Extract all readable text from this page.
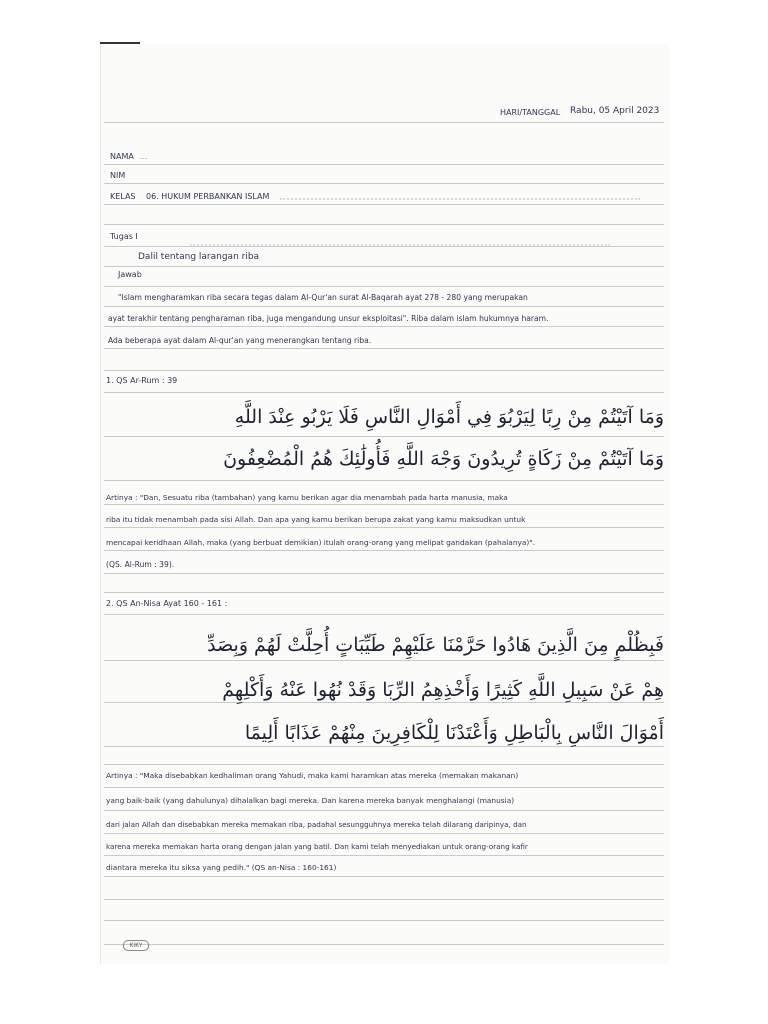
HARI/TANGGAL Rabu, 05 April 2023
NAMA ...
NIM
KELAS 06. HUKUM PERBANKAN ISLAM
Tugas I
Dalil tentang larangan riba
Jawab
"Islam mengharamkan riba secara tegas dalam Al-Qur'an surat Al-Baqarah ayat 278 - 280 yang merupakan
ayat terakhir tentang pengharaman riba, juga mengandung unsur eksploitasi". Riba dalam islam hukumnya haram.
Ada beberapa ayat dalam Al-qur'an yang menerangkan tentang riba.
1. QS Ar-Rum : 39
وَمَا آتَيْتُمْ مِنْ رِبًا لِيَرْبُوَ فِي أَمْوَالِ النَّاسِ فَلَا يَرْبُو عِنْدَ اللَّهِ
وَمَا آتَيْتُمْ مِنْ زَكَاةٍ تُرِيدُونَ وَجْهَ اللَّهِ فَأُولَٰئِكَ هُمُ الْمُضْعِفُونَ
Artinya : "Dan, Sesuatu riba (tambahan) yang kamu berikan agar dia menambah pada harta manusia, maka
riba itu tidak menambah pada sisi Allah. Dan apa yang kamu berikan berupa zakat yang kamu maksudkan untuk
mencapai keridhaan Allah, maka (yang berbuat demikian) itulah orang-orang yang melipat gandakan (pahalanya)".
(QS. Al-Rum : 39).
2. QS An-Nisa Ayat 160 - 161 :
فَبِظُلْمٍ مِنَ الَّذِينَ هَادُوا حَرَّمْنَا عَلَيْهِمْ طَيِّبَاتٍ أُحِلَّتْ لَهُمْ وَبِصَدِّ
هِمْ عَنْ سَبِيلِ اللَّهِ كَثِيرًا وَأَخْذِهِمُ الرِّبَا وَقَدْ نُهُوا عَنْهُ وَأَكْلِهِمْ
أَمْوَالَ النَّاسِ بِالْبَاطِلِ وَأَعْتَدْنَا لِلْكَافِرِينَ مِنْهُمْ عَذَابًا أَلِيمًا
Artinya : "Maka disebabkan kedhaliman orang Yahudi, maka kami haramkan atas mereka (memakan makanan)
yang baik-baik (yang dahulunya) dihalalkan bagi mereka. Dan karena mereka banyak menghalangi (manusia)
dari jalan Allah dan disebabkan mereka memakan riba, padahal sesungguhnya mereka telah dilarang daripinya, dan
karena mereka memakan harta orang dengan jalan yang batil. Dan kami telah menyediakan untuk orang-orang kafir
diantara mereka itu siksa yang pedih." (QS an-Nisa : 160-161)
KIKY
